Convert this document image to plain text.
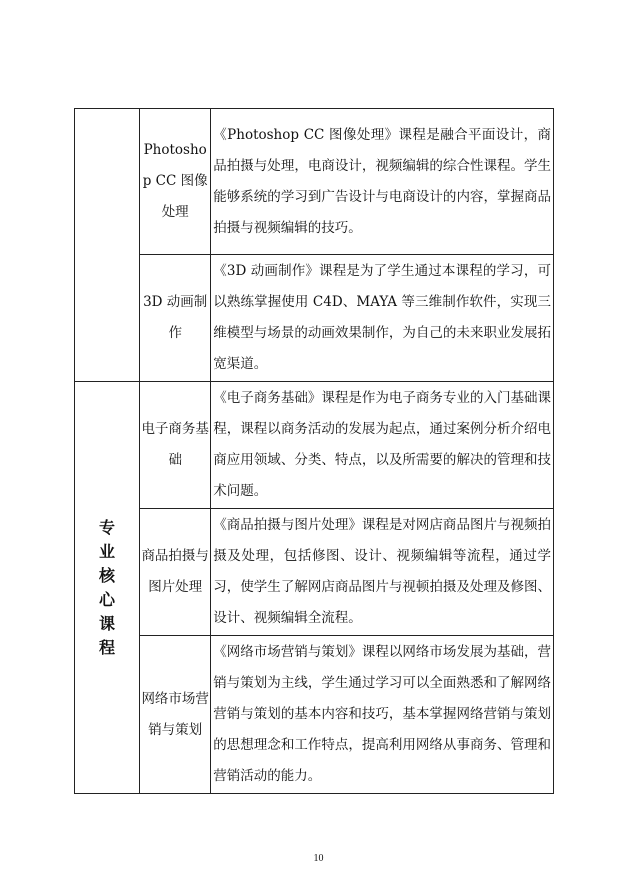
	Photoshop CC 图像处理	《Photoshop CC 图像处理》课程是融合平面设计，商品拍摄与处理，电商设计，视频编辑的综合性课程。学生能够系统的学习到广告设计与电商设计的内容，掌握商品拍摄与视频编辑的技巧。

	3D 动画制作	《3D 动画制作》课程是为了学生通过本课程的学习，可以熟练掌握使用 C4D、MAYA 等三维制作软件，实现三维模型与场景的动画效果制作，为自己的未来职业发展拓宽渠道。

专业核心课程	电子商务基础	《电子商务基础》课程是作为电子商务专业的入门基础课程，课程以商务活动的发展为起点，通过案例分析介绍电商应用领域、分类、特点，以及所需要的解决的管理和技术问题。

	商品拍摄与图片处理	《商品拍摄与图片处理》课程是对网店商品图片与视频拍摄及处理，包括修图、设计、视频编辑等流程，通过学习，使学生了解网店商品图片与视顿拍摄及处理及修图、设计、视频编辑全流程。

	网络市场营销与策划	《网络市场营销与策划》课程以网络市场发展为基础，营销与策划为主线，学生通过学习可以全面熟悉和了解网络营销与策划的基本内容和技巧，基本掌握网络营销与策划的思想理念和工作特点，提高利用网络从事商务、管理和营销活动的能力。
10
